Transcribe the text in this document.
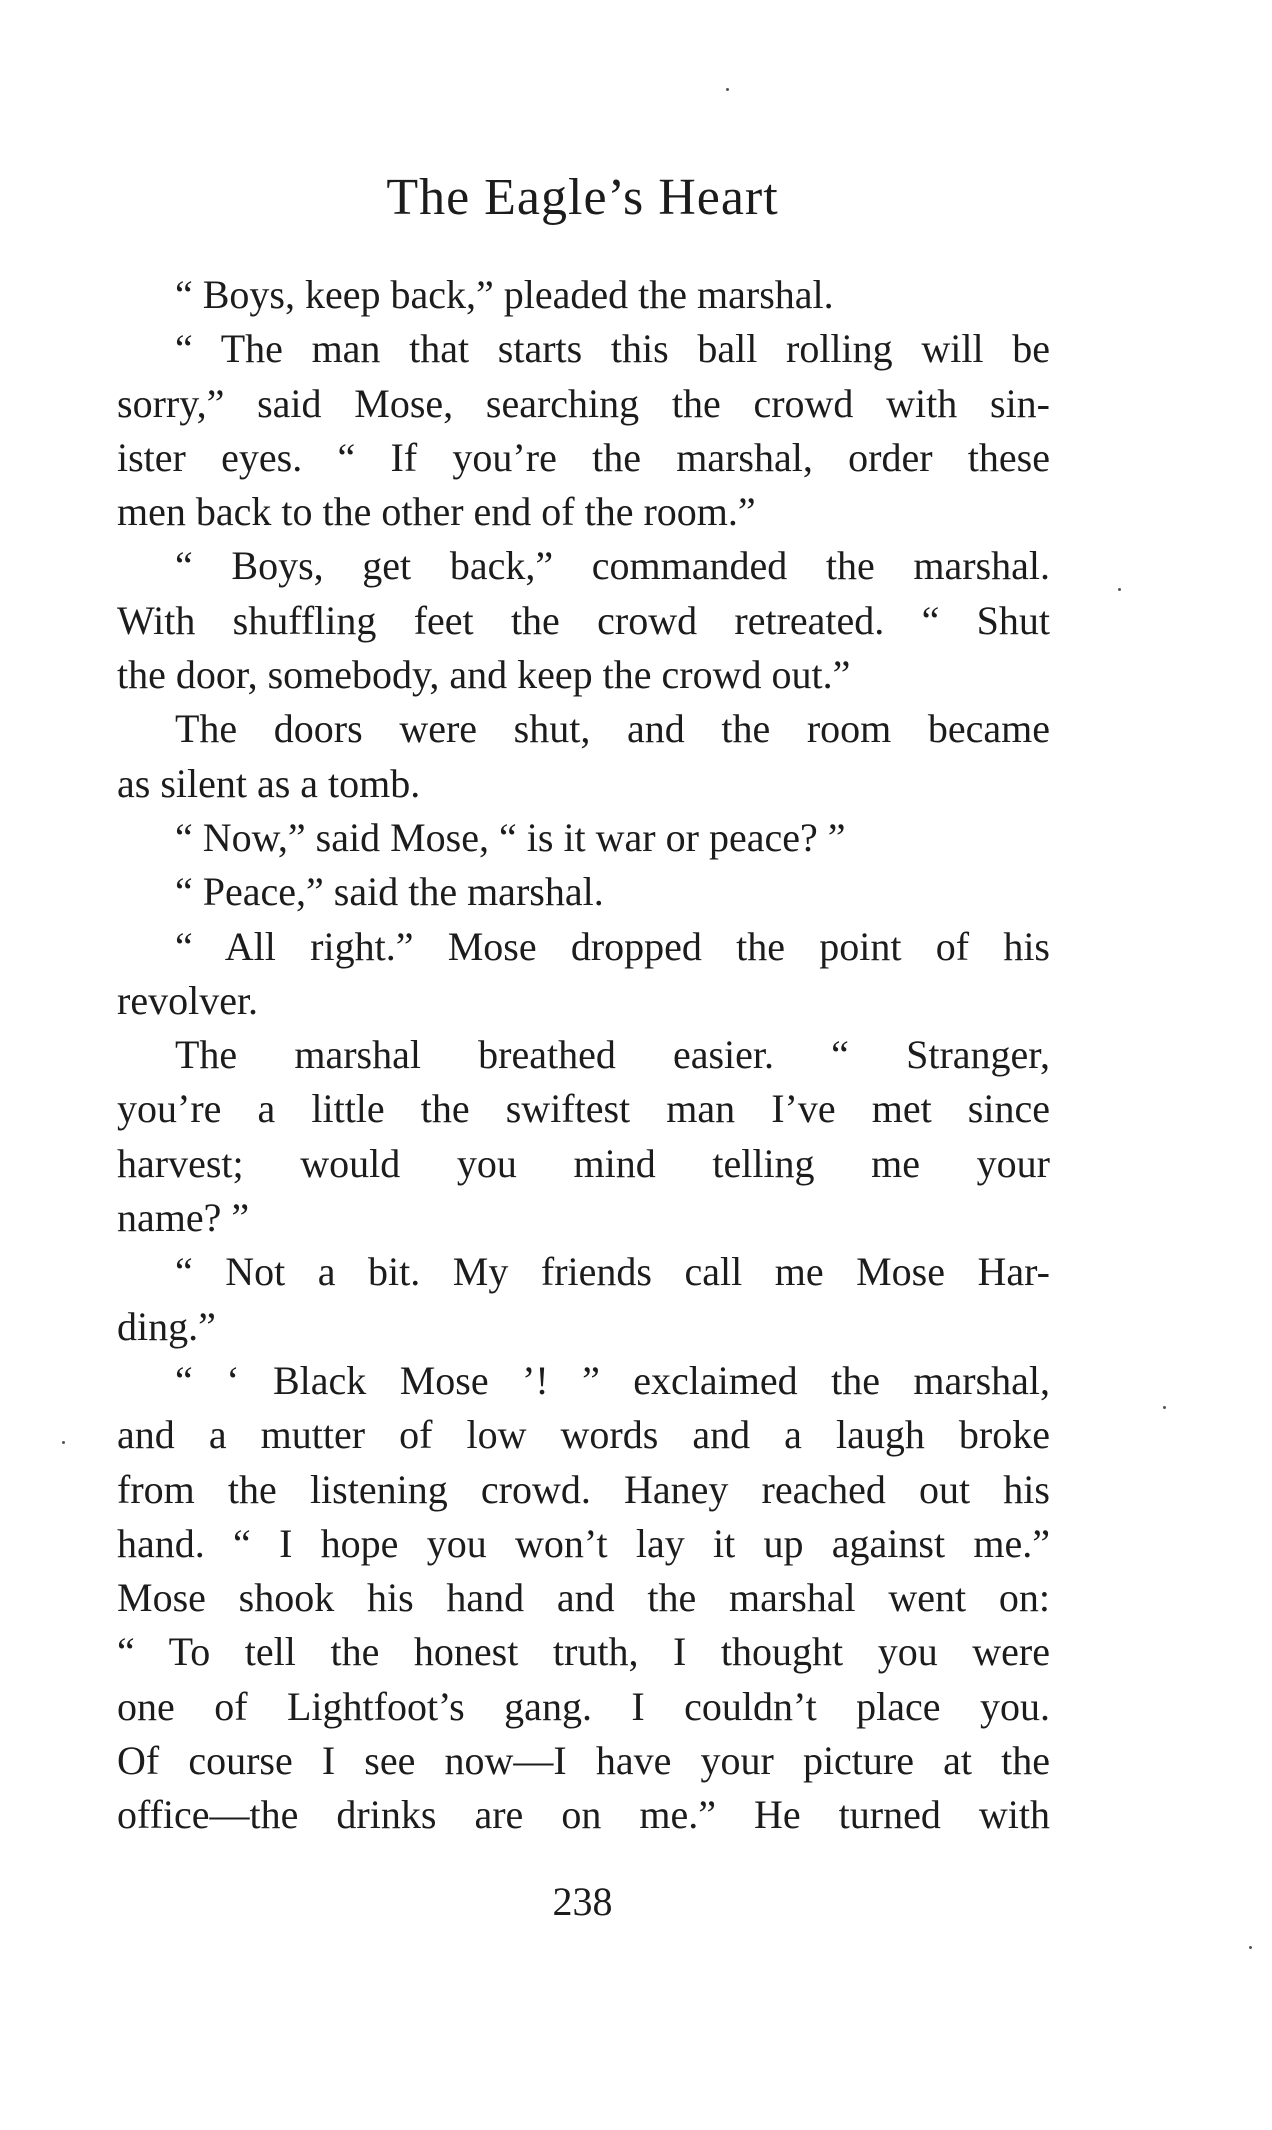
The Eagle’s Heart
“ Boys, keep back,” pleaded the marshal.
“ The man that starts this ball rolling will be
sorry,” said Mose, searching the crowd with sin-
ister eyes. “ If you’re the marshal, order these
men back to the other end of the room.”
“ Boys, get back,” commanded the marshal.
With shuffling feet the crowd retreated. “ Shut
the door, somebody, and keep the crowd out.”
The doors were shut, and the room became
as silent as a tomb.
“ Now,” said Mose, “ is it war or peace? ”
“ Peace,” said the marshal.
“ All right.” Mose dropped the point of his
revolver.
The marshal breathed easier. “ Stranger,
you’re a little the swiftest man I’ve met since
harvest; would you mind telling me your
name? ”
“ Not a bit. My friends call me Mose Har-
ding.”
“ ‘ Black Mose ’! ” exclaimed the marshal,
and a mutter of low words and a laugh broke
from the listening crowd. Haney reached out his
hand. “ I hope you won’t lay it up against me.”
Mose shook his hand and the marshal went on:
“ To tell the honest truth, I thought you were
one of Lightfoot’s gang. I couldn’t place you.
Of course I see now—I have your picture at the
office—the drinks are on me.” He turned with
238
